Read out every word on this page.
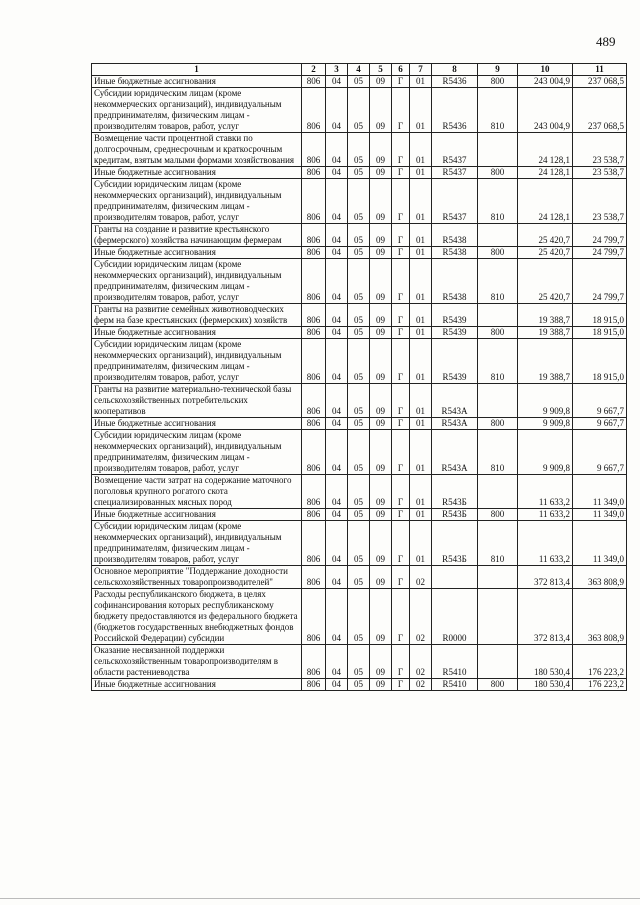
489
1	2	3	4	5	6	7	8	9	10	11
Иные бюджетные ассигнования	806	04	05	09	Г	01	R5436	800	243 004,9	237 068,5
Субсидии юридическим лицам (кроме некоммерческих организаций), индивидуальным предпринимателям, физическим лицам - производителям товаров, работ, услуг	806	04	05	09	Г	01	R5436	810	243 004,9	237 068,5
Возмещение части процентной ставки по долгосрочным, среднесрочным и краткосрочным кредитам, взятым малыми формами хозяйствования	806	04	05	09	Г	01	R5437		24 128,1	23 538,7
Иные бюджетные ассигнования	806	04	05	09	Г	01	R5437	800	24 128,1	23 538,7
Субсидии юридическим лицам (кроме некоммерческих организаций), индивидуальным предпринимателям, физическим лицам - производителям товаров, работ, услуг	806	04	05	09	Г	01	R5437	810	24 128,1	23 538,7
Гранты на создание и развитие крестьянского (фермерского) хозяйства начинающим фермерам	806	04	05	09	Г	01	R5438		25 420,7	24 799,7
Иные бюджетные ассигнования	806	04	05	09	Г	01	R5438	800	25 420,7	24 799,7
Субсидии юридическим лицам (кроме некоммерческих организаций), индивидуальным предпринимателям, физическим лицам - производителям товаров, работ, услуг	806	04	05	09	Г	01	R5438	810	25 420,7	24 799,7
Гранты на развитие семейных животноводческих ферм на базе крестьянских (фермерских) хозяйств	806	04	05	09	Г	01	R5439		19 388,7	18 915,0
Иные бюджетные ассигнования	806	04	05	09	Г	01	R5439	800	19 388,7	18 915,0
Субсидии юридическим лицам (кроме некоммерческих организаций), индивидуальным предпринимателям, физическим лицам - производителям товаров, работ, услуг	806	04	05	09	Г	01	R5439	810	19 388,7	18 915,0
Гранты на развитие материально-технической базы сельскохозяйственных потребительских кооперативов	806	04	05	09	Г	01	R543А		9 909,8	9 667,7
Иные бюджетные ассигнования	806	04	05	09	Г	01	R543А	800	9 909,8	9 667,7
Субсидии юридическим лицам (кроме некоммерческих организаций), индивидуальным предпринимателям, физическим лицам - производителям товаров, работ, услуг	806	04	05	09	Г	01	R543А	810	9 909,8	9 667,7
Возмещение части затрат на содержание маточного поголовья крупного рогатого скота специализированных мясных пород	806	04	05	09	Г	01	R543Б		11 633,2	11 349,0
Иные бюджетные ассигнования	806	04	05	09	Г	01	R543Б	800	11 633,2	11 349,0
Субсидии юридическим лицам (кроме некоммерческих организаций), индивидуальным предпринимателям, физическим лицам - производителям товаров, работ, услуг	806	04	05	09	Г	01	R543Б	810	11 633,2	11 349,0
Основное мероприятие "Поддержание доходности сельскохозяйственных товаропроизводителей"	806	04	05	09	Г	02			372 813,4	363 808,9
Расходы республиканского бюджета, в целях софинансирования которых республиканскому бюджету предоставляются из федерального бюджета (бюджетов государственных внебюджетных фондов Российской Федерации) субсидии	806	04	05	09	Г	02	R0000		372 813,4	363 808,9
Оказание несвязанной поддержки сельскохозяйственным товаропроизводителям в области растениеводства	806	04	05	09	Г	02	R5410		180 530,4	176 223,2
Иные бюджетные ассигнования	806	04	05	09	Г	02	R5410	800	180 530,4	176 223,2
